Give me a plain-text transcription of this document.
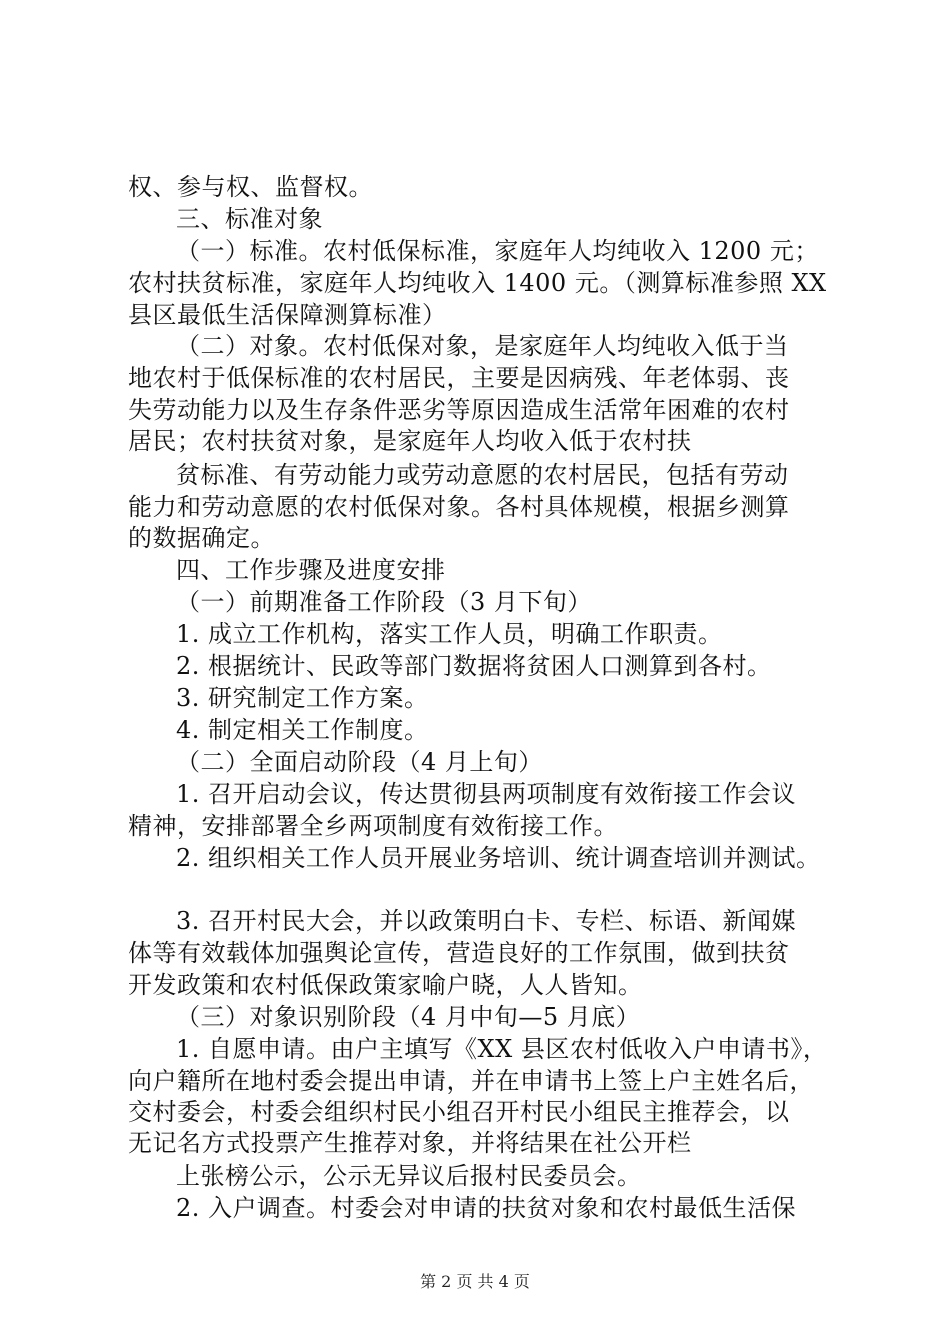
权、参与权、监督权。
三、标准对象
（一）标准。农村低保标准，家庭年人均纯收入 1200 元；
农村扶贫标准，家庭年人均纯收入 1400 元。（测算标准参照 XX
县区最低生活保障测算标准）
（二）对象。农村低保对象，是家庭年人均纯收入低于当
地农村于低保标准的农村居民，主要是因病残、年老体弱、丧
失劳动能力以及生存条件恶劣等原因造成生活常年困难的农村
居民；农村扶贫对象，是家庭年人均收入低于农村扶
贫标准、有劳动能力或劳动意愿的农村居民，包括有劳动
能力和劳动意愿的农村低保对象。各村具体规模，根据乡测算
的数据确定。
四、工作步骤及进度安排
（一）前期准备工作阶段（3 月下旬）
1. 成立工作机构，落实工作人员，明确工作职责。
2. 根据统计、民政等部门数据将贫困人口测算到各村。
3. 研究制定工作方案。
4. 制定相关工作制度。
（二）全面启动阶段（4 月上旬）
1. 召开启动会议，传达贯彻县两项制度有效衔接工作会议
精神，安排部署全乡两项制度有效衔接工作。
2. 组织相关工作人员开展业务培训、统计调查培训并测试。
3. 召开村民大会，并以政策明白卡、专栏、标语、新闻媒
体等有效载体加强舆论宣传，营造良好的工作氛围，做到扶贫
开发政策和农村低保政策家喻户晓，人人皆知。
（三）对象识别阶段（4 月中旬—5 月底）
1. 自愿申请。由户主填写《XX 县区农村低收入户申请书》，
向户籍所在地村委会提出申请，并在申请书上签上户主姓名后，
交村委会，村委会组织村民小组召开村民小组民主推荐会，以
无记名方式投票产生推荐对象，并将结果在社公开栏
上张榜公示，公示无异议后报村民委员会。
2. 入户调查。村委会对申请的扶贫对象和农村最低生活保
第 2 页 共 4 页
